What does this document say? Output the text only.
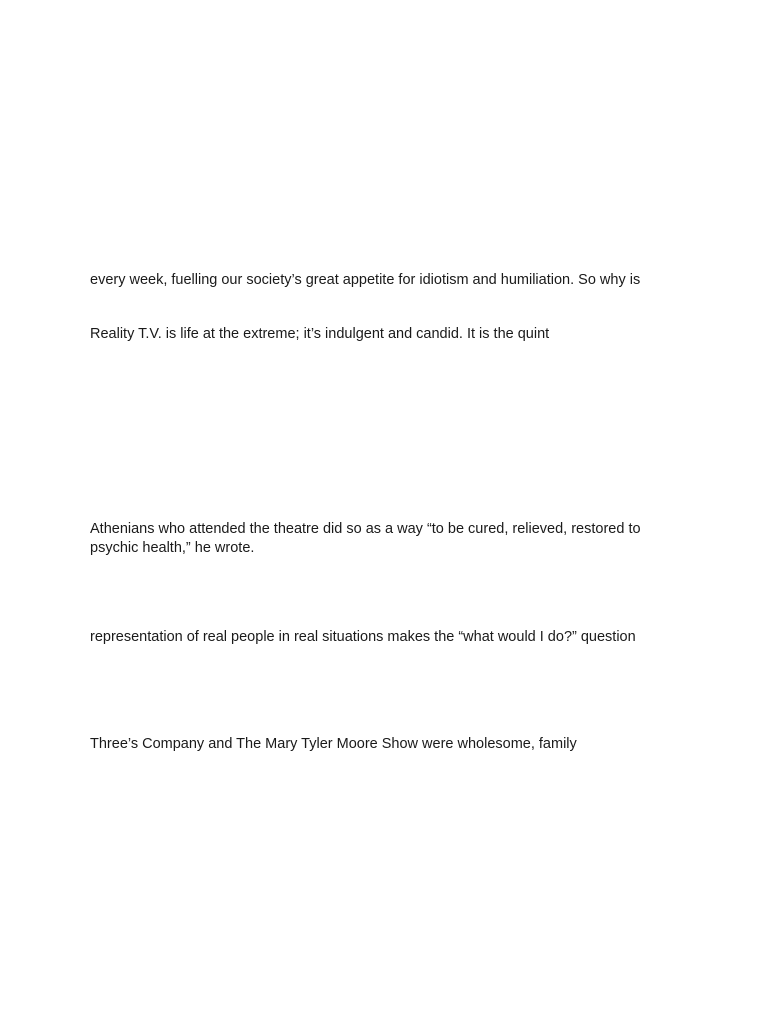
every week, fuelling our society’s great appetite for idiotism and humiliation. So why is

Reality T.V. is life at the extreme; it’s indulgent and candid. It is the quint

Athenians who attended the theatre did so as a way “to be cured, relieved, restored to
psychic health,” he wrote.

representation of real people in real situations makes the “what would I do?” question

Three’s Company and The Mary Tyler Moore Show were wholesome, family
